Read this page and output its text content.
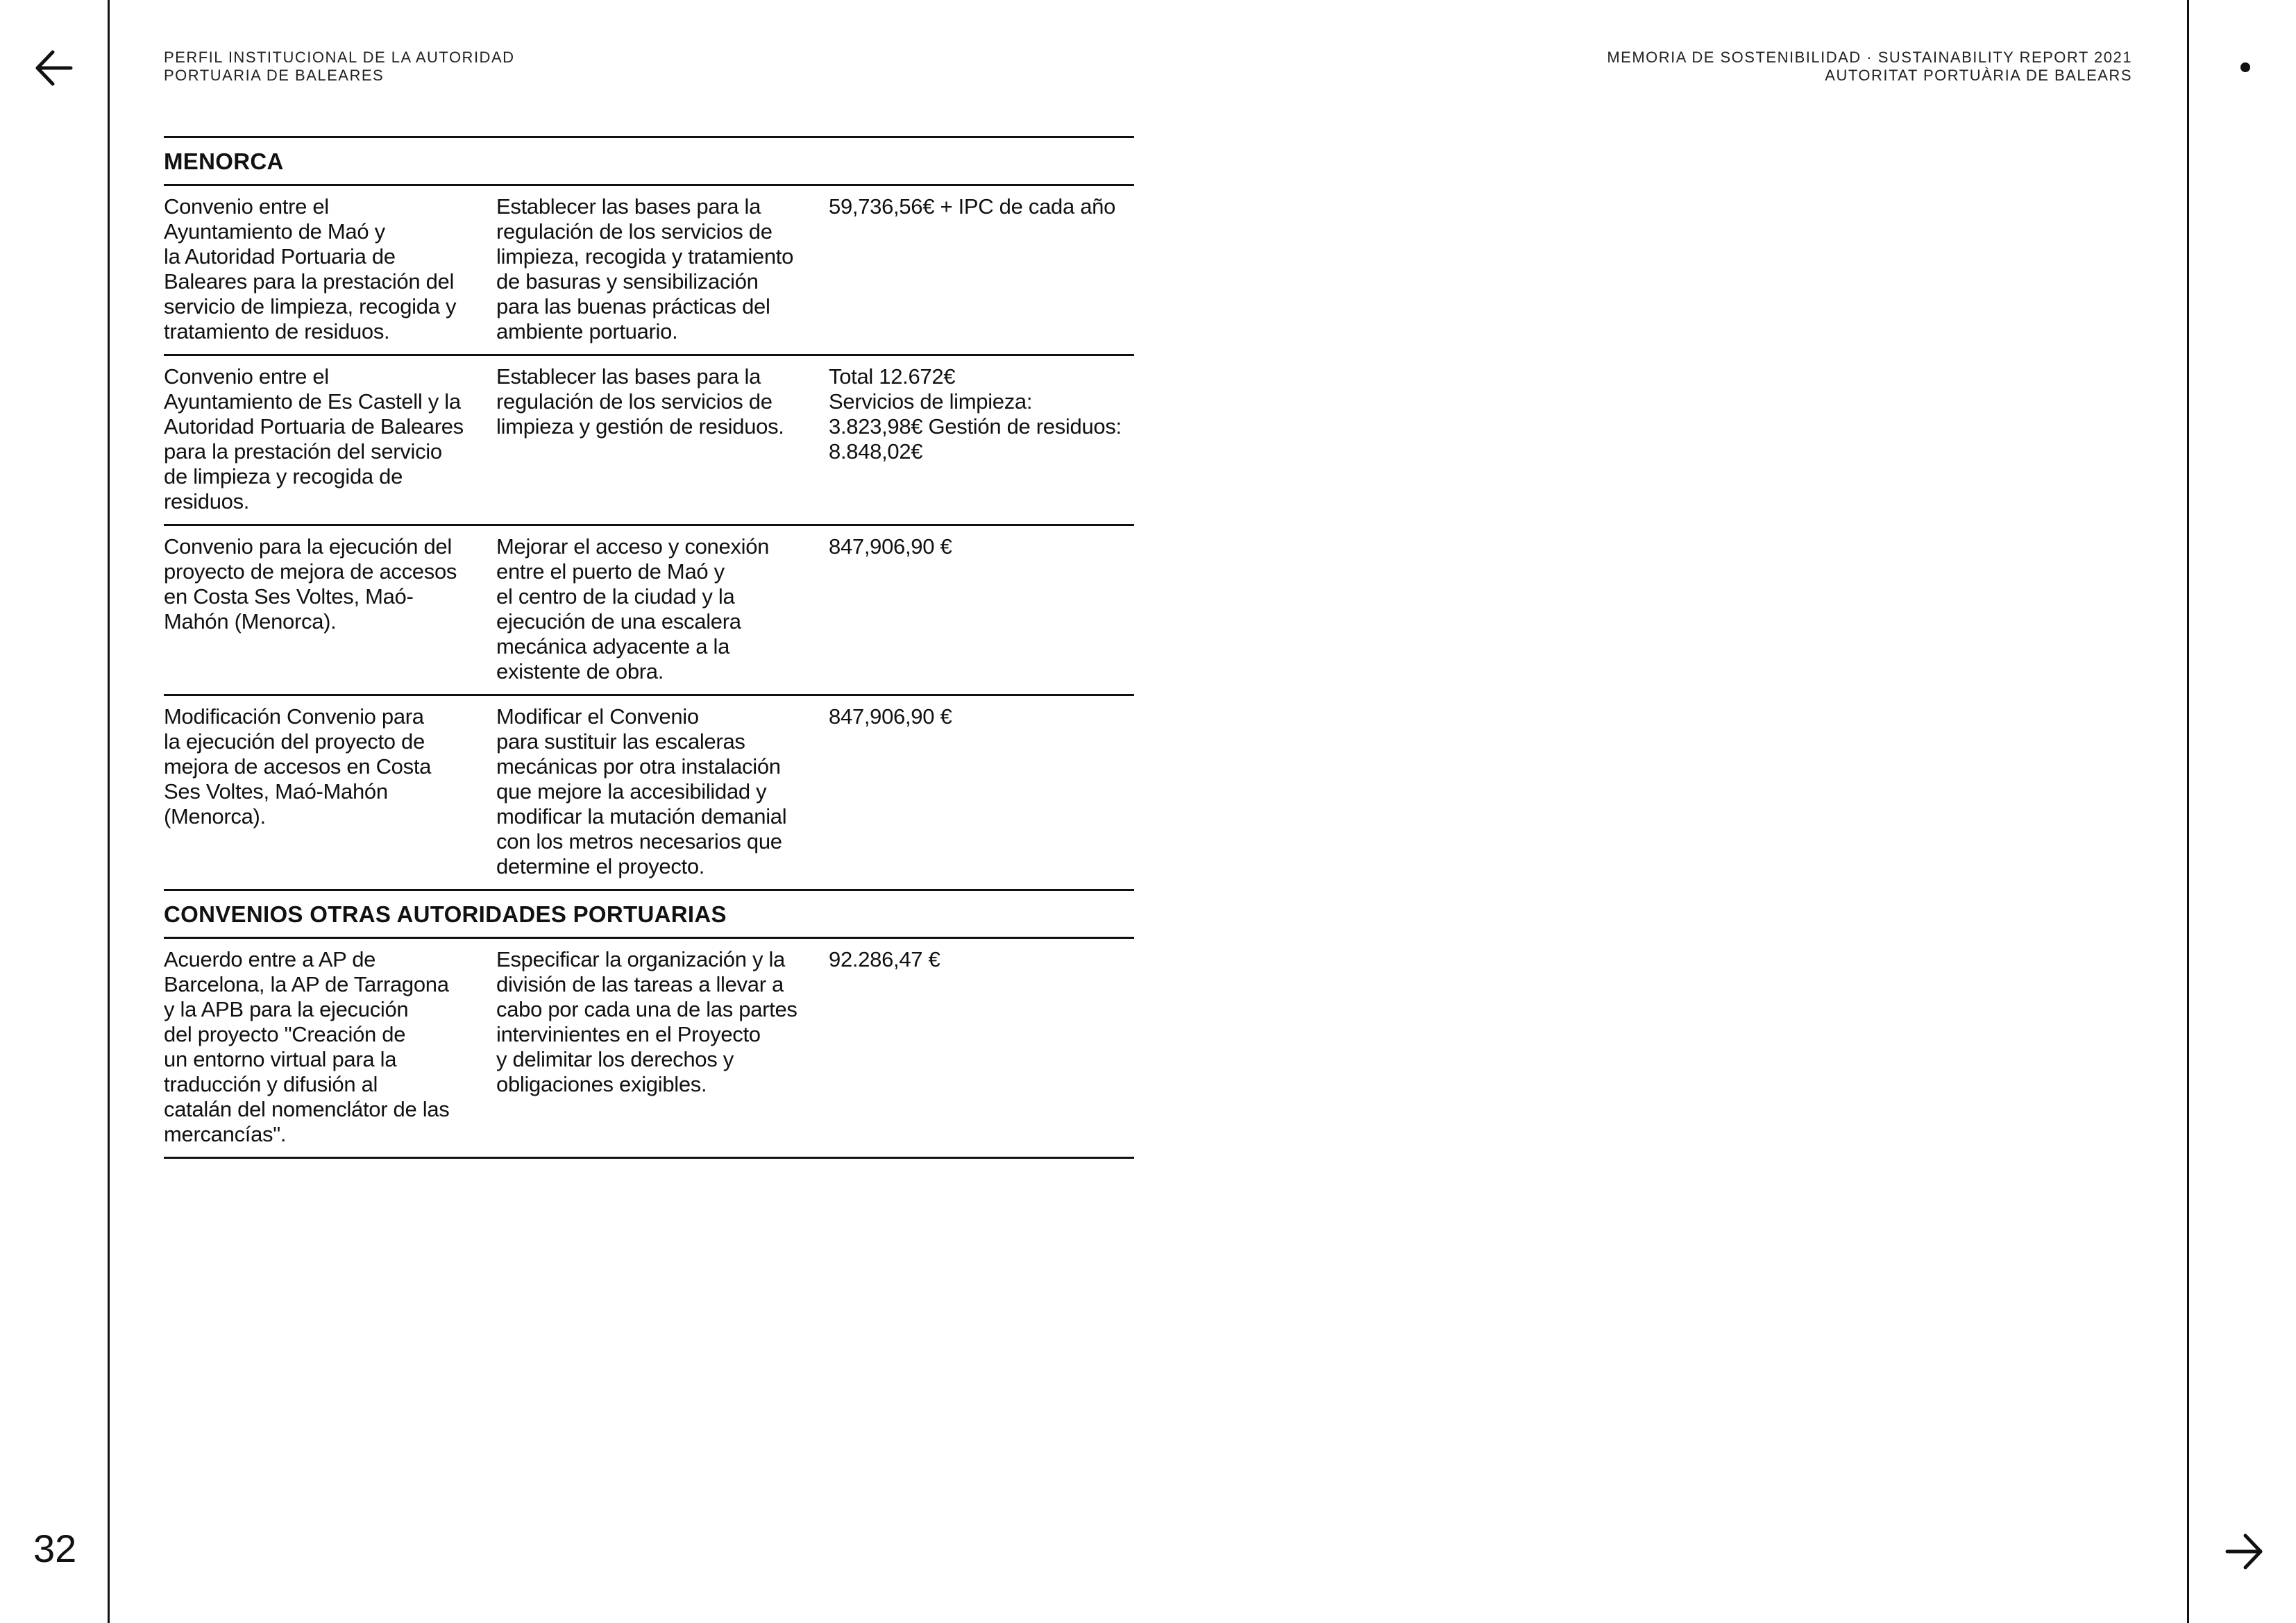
32
PERFIL INSTITUCIONAL DE LA AUTORIDAD
PORTUARIA DE BALEARES
MEMORIA DE SOSTENIBILIDAD · SUSTAINABILITY REPORT 2021
AUTORITAT PORTUÀRIA DE BALEARS
MENORCA
Convenio entre el
Ayuntamiento de Maó y
la Autoridad Portuaria de
Baleares para la prestación del
servicio de limpieza, recogida y
tratamiento de residuos.
Establecer las bases para la
regulación de los servicios de
limpieza, recogida y tratamiento
de basuras y sensibilización
para las buenas prácticas del
ambiente portuario.
59,736,56€ + IPC de cada año
Convenio entre el
Ayuntamiento de Es Castell y la
Autoridad Portuaria de Baleares
para la prestación del servicio
de limpieza y recogida de
residuos.
Establecer las bases para la
regulación de los servicios de
limpieza y gestión de residuos.
Total 12.672€
Servicios de limpieza:
3.823,98€ Gestión de residuos:
8.848,02€
Convenio para la ejecución del
proyecto de mejora de accesos
en Costa Ses Voltes, Maó-
Mahón (Menorca).
Mejorar el acceso y conexión
entre el puerto de Maó y
el centro de la ciudad y la
ejecución de una escalera
mecánica adyacente a la
existente de obra.
847,906,90 €
Modificación Convenio para
la ejecución del proyecto de
mejora de accesos en Costa
Ses Voltes, Maó-Mahón
(Menorca).
Modificar el Convenio
para sustituir las escaleras
mecánicas por otra instalación
que mejore la accesibilidad y
modificar la mutación demanial
con los metros necesarios que
determine el proyecto.
847,906,90 €
CONVENIOS OTRAS AUTORIDADES PORTUARIAS
Acuerdo entre a AP de
Barcelona, la AP de Tarragona
y la APB para la ejecución
del proyecto "Creación de
un entorno virtual para la
traducción y difusión al
catalán del nomenclátor de las
mercancías".
Especificar la organización y la
división de las tareas a llevar a
cabo por cada una de las partes
intervinientes en el Proyecto
y delimitar los derechos y
obligaciones exigibles.
92.286,47 €
